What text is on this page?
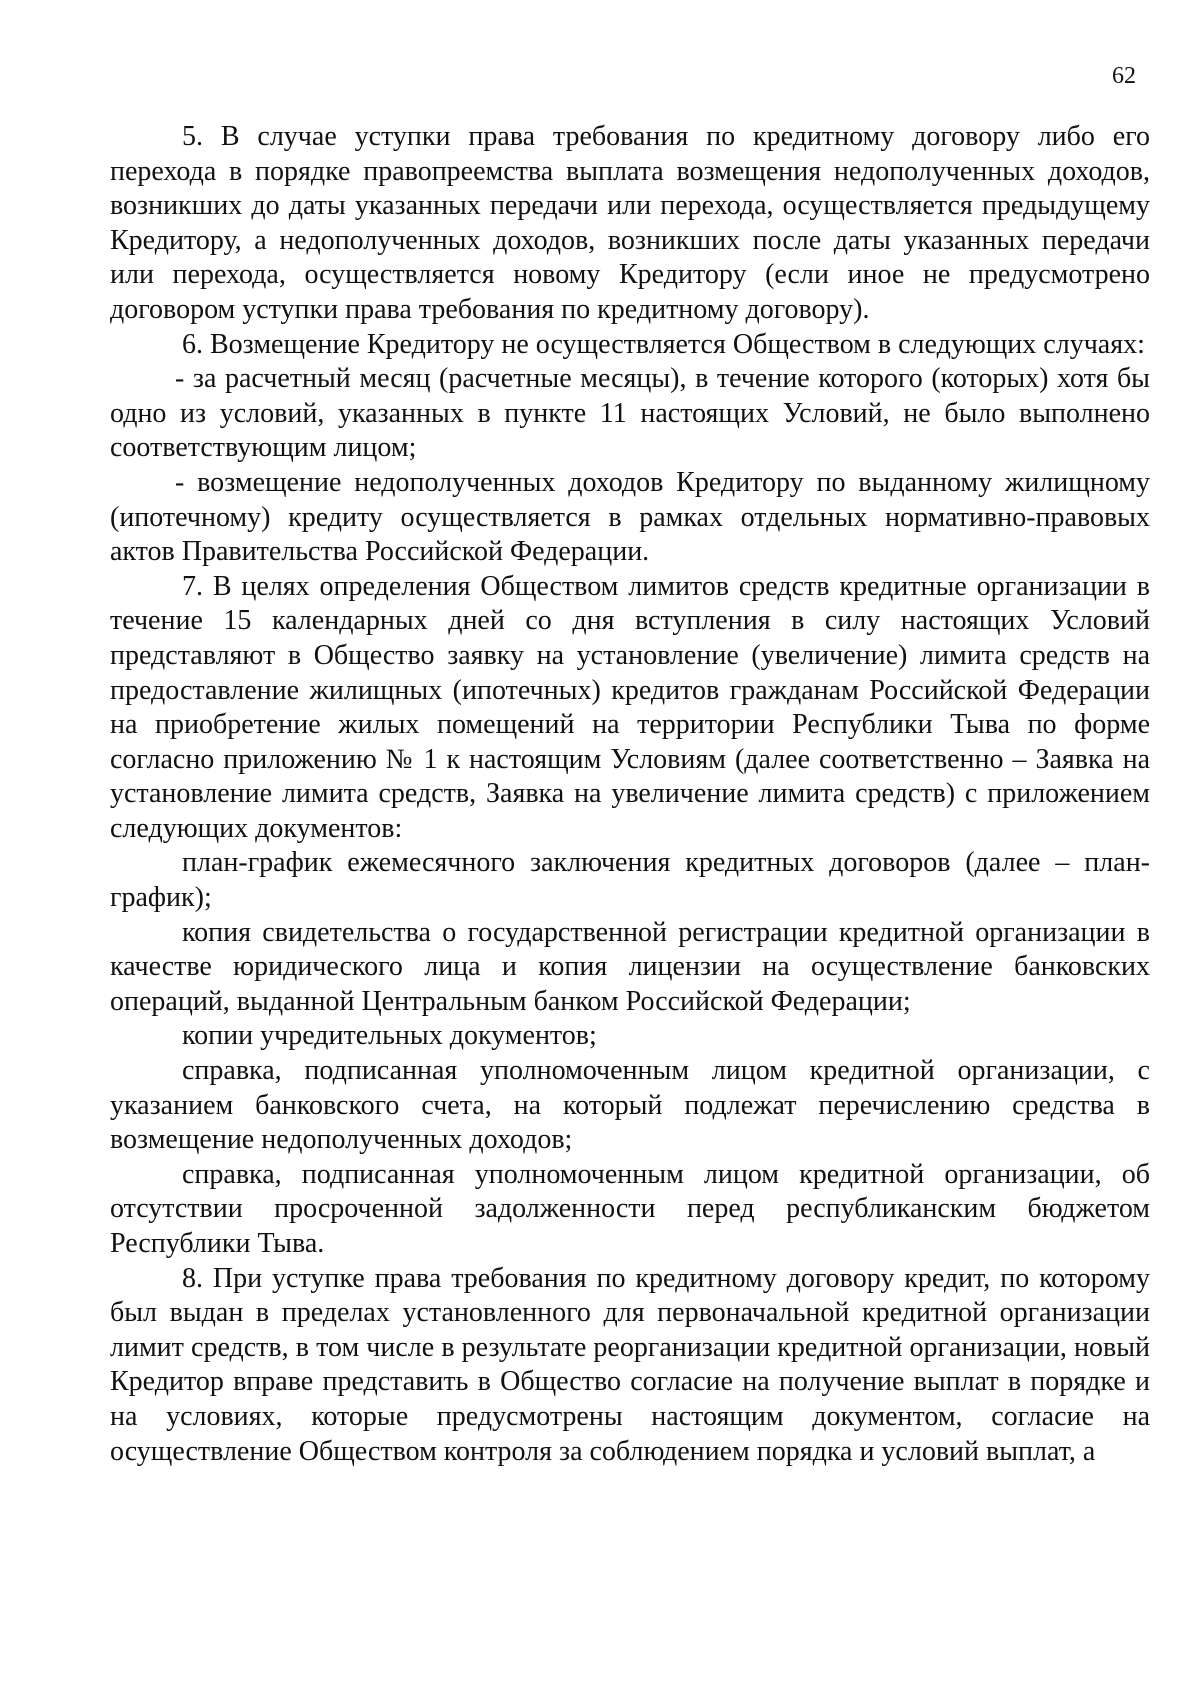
62

5. В случае уступки права требования по кредитному договору либо его перехода в порядке правопреемства выплата возмещения недополученных доходов, возникших до даты указанных передачи или перехода, осуществляется предыдущему Кредитору, а недополученных доходов, возникших после даты указанных передачи или перехода, осуществляется новому Кредитору (если иное не предусмотрено договором уступки права требования по кредитному договору).

6. Возмещение Кредитору не осуществляется Обществом в следующих случаях:

- за расчетный месяц (расчетные месяцы), в течение которого (которых) хотя бы одно из условий, указанных в пункте 11 настоящих Условий, не было выполнено соответствующим лицом;

- возмещение недополученных доходов Кредитору по выданному жилищному (ипотечному) кредиту осуществляется в рамках отдельных нормативно-правовых актов Правительства Российской Федерации.

7. В целях определения Обществом лимитов средств кредитные организации в течение 15 календарных дней со дня вступления в силу настоящих Условий представляют в Общество заявку на установление (увеличение) лимита средств на предоставление жилищных (ипотечных) кредитов гражданам Российской Федерации на приобретение жилых помещений на территории Республики Тыва по форме согласно приложению № 1 к настоящим Условиям (далее соответственно – Заявка на установление лимита средств, Заявка на увеличение лимита средств) с приложением следующих документов:

план-график ежемесячного заключения кредитных договоров (далее – план-график);

копия свидетельства о государственной регистрации кредитной организации в качестве юридического лица и копия лицензии на осуществление банковских операций, выданной Центральным банком Российской Федерации;

копии учредительных документов;

справка, подписанная уполномоченным лицом кредитной организации, с указанием банковского счета, на который подлежат перечислению средства в возмещение недополученных доходов;

справка, подписанная уполномоченным лицом кредитной организации, об отсутствии просроченной задолженности перед республиканским бюджетом Республики Тыва.

8. При уступке права требования по кредитному договору кредит, по которому был выдан в пределах установленного для первоначальной кредитной организации лимит средств, в том числе в результате реорганизации кредитной организации, новый Кредитор вправе представить в Общество согласие на получение выплат в порядке и на условиях, которые предусмотрены настоящим документом, согласие на осуществление Обществом контроля за соблюдением порядка и условий выплат, а
